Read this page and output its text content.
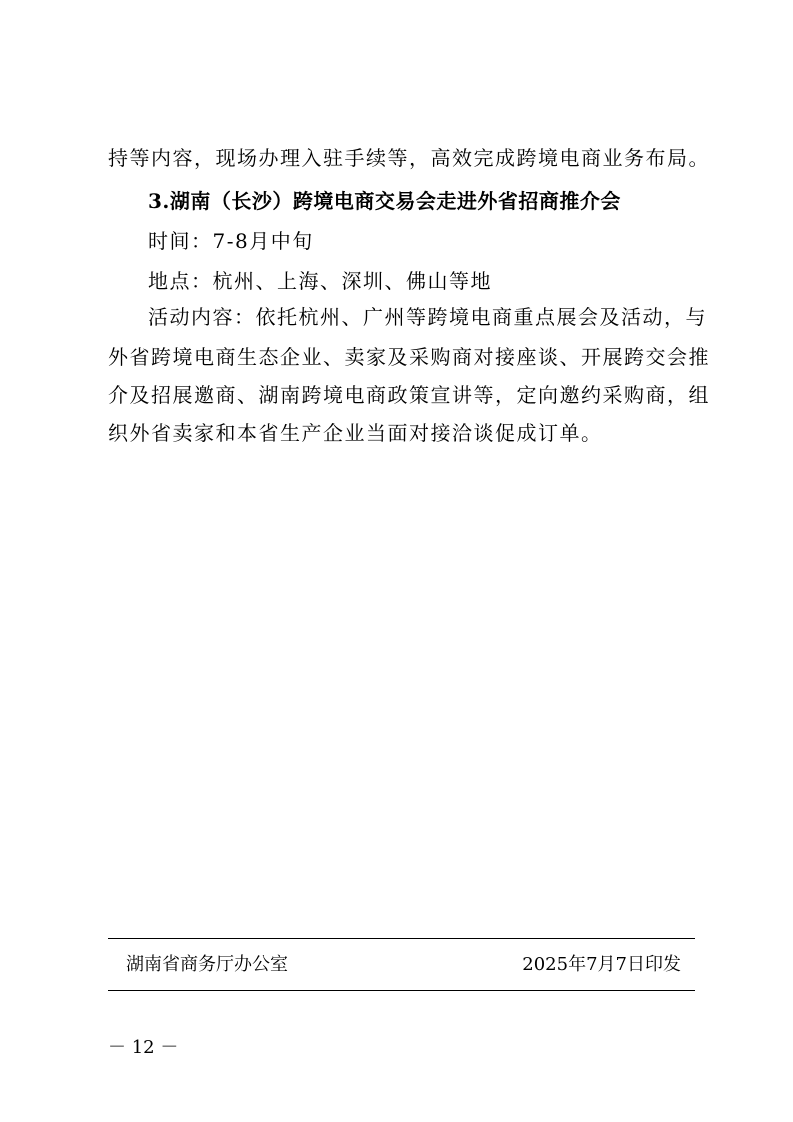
持等内容，现场办理入驻手续等，高效完成跨境电商业务布局。
3.湖南（长沙）跨境电商交易会走进外省招商推介会
时间：7-8月中旬
地点：杭州、上海、深圳、佛山等地
活动内容：依托杭州、广州等跨境电商重点展会及活动，与
外省跨境电商生态企业、卖家及采购商对接座谈、开展跨交会推
介及招展邀商、湖南跨境电商政策宣讲等，定向邀约采购商，组
织外省卖家和本省生产企业当面对接洽谈促成订单。
湖南省商务厅办公室	2025年7月7日印发
－ 12 －
